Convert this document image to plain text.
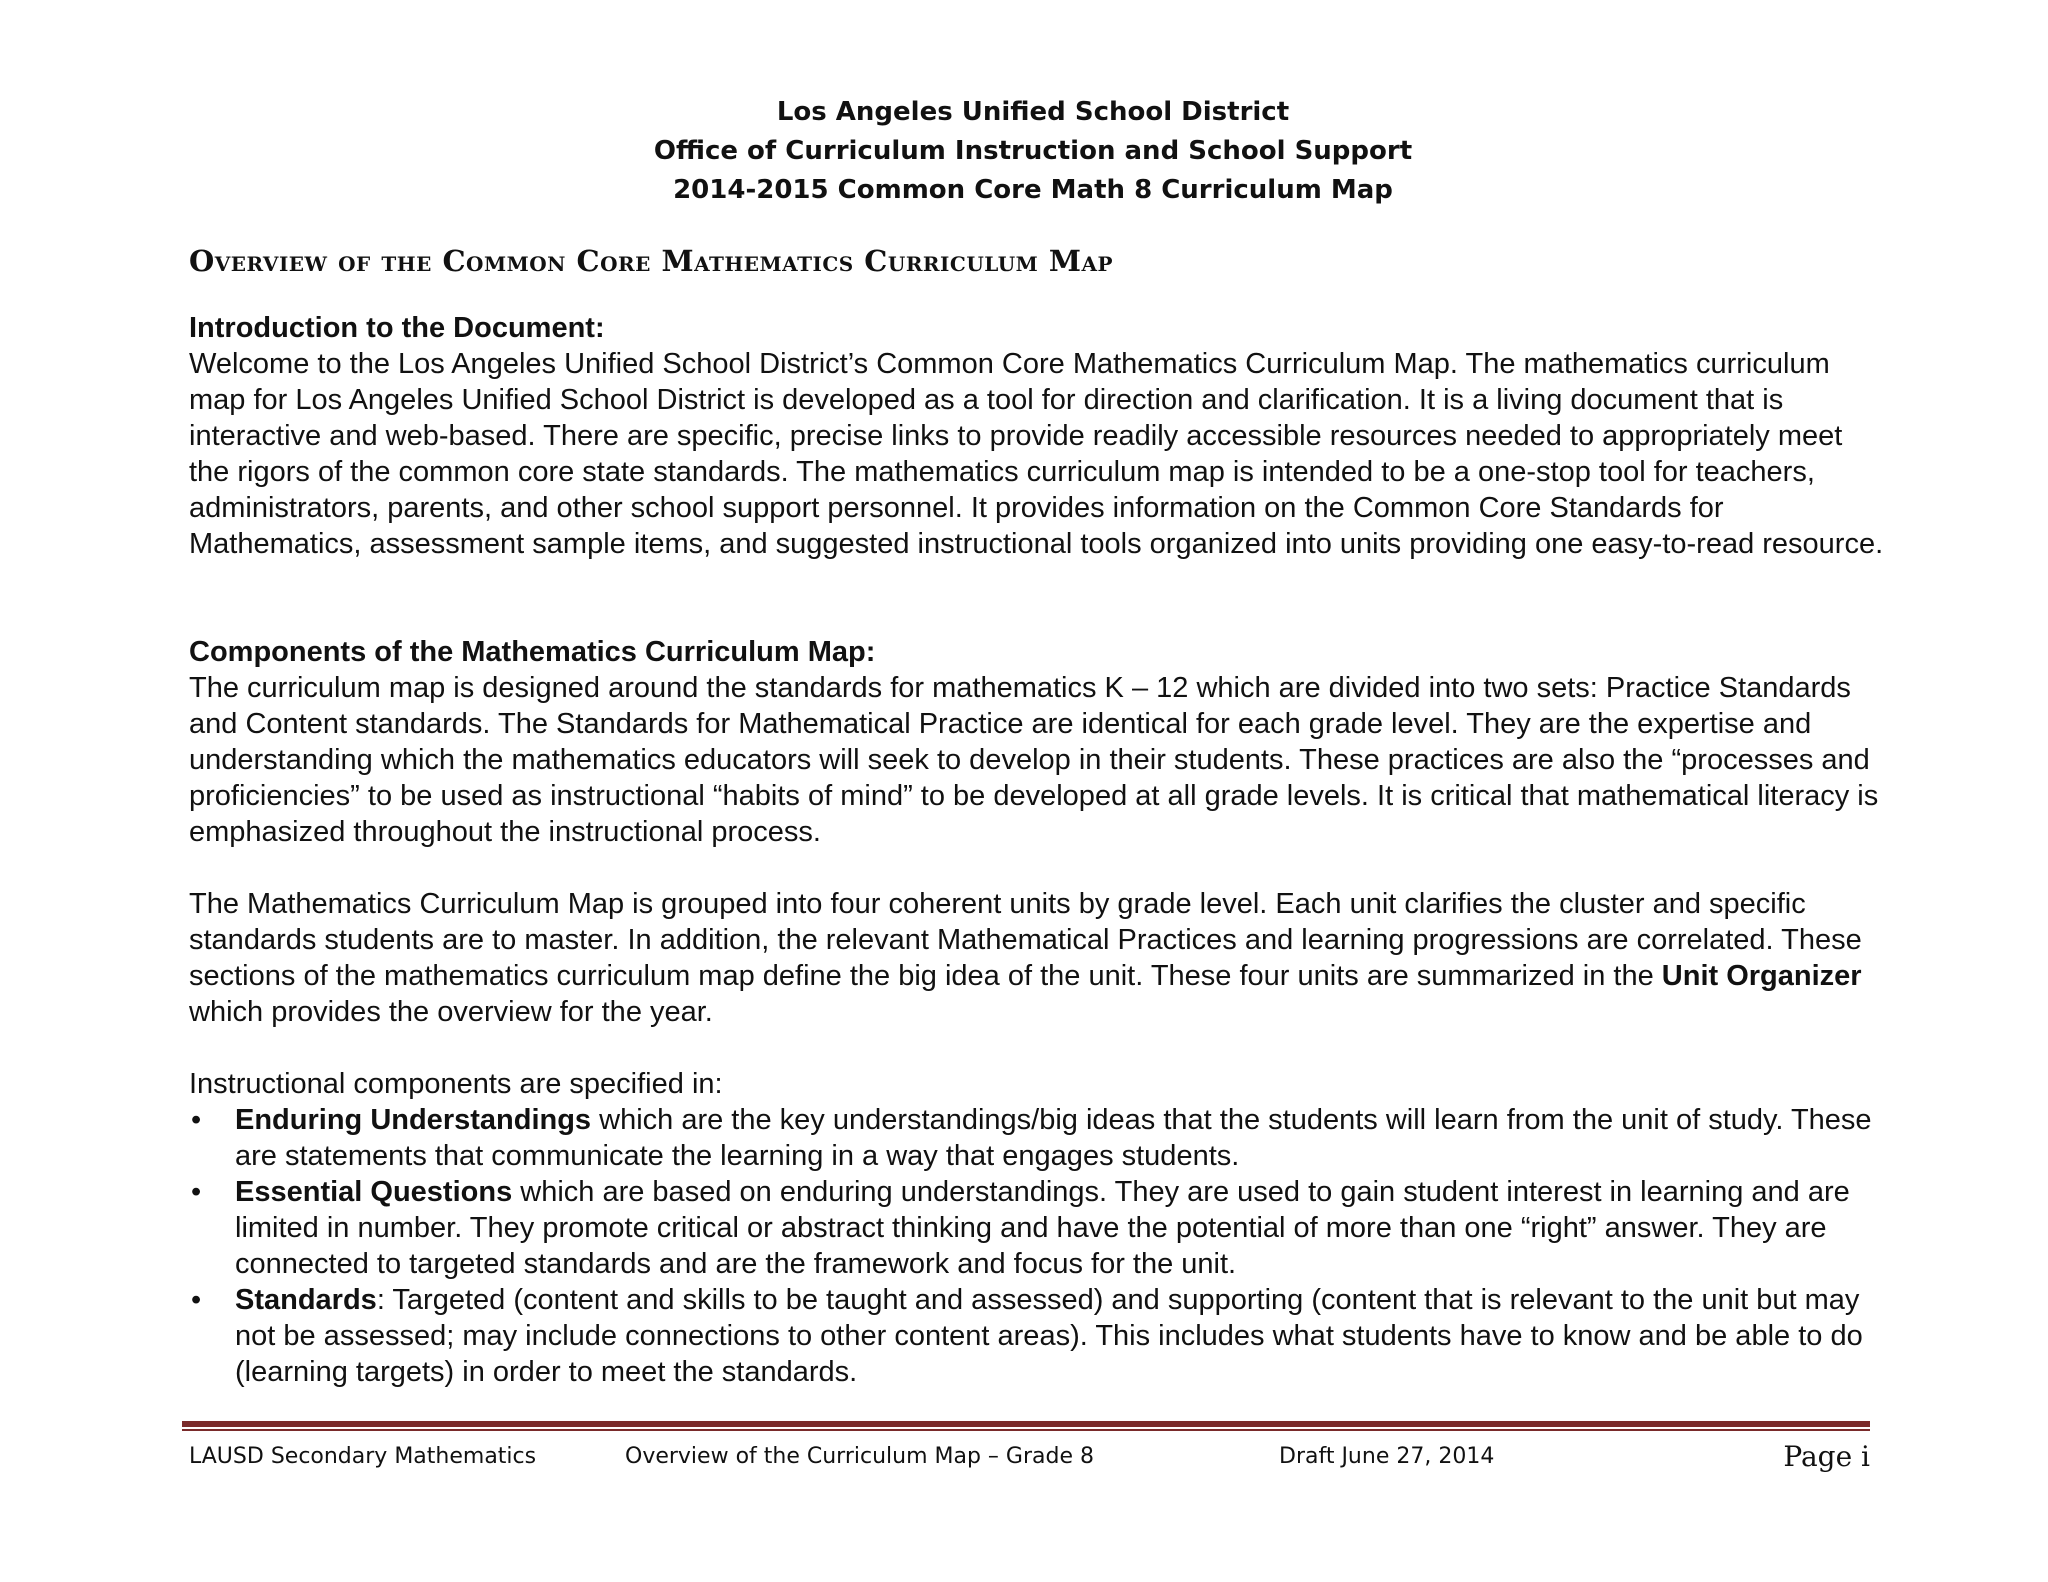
Los Angeles Unified School District
Office of Curriculum Instruction and School Support
2014-2015 Common Core Math 8 Curriculum Map
Overview of the Common Core Mathematics Curriculum Map
Introduction to the Document:

Welcome to the Los Angeles Unified School District’s Common Core Mathematics Curriculum Map. The mathematics curriculum map for Los Angeles Unified School District is developed as a tool for direction and clarification. It is a living document that is interactive and web-based. There are specific, precise links to provide readily accessible resources needed to appropriately meet the rigors of the common core state standards. The mathematics curriculum map is intended to be a one-stop tool for teachers, administrators, parents, and other school support personnel. It provides information on the Common Core Standards for Mathematics, assessment sample items, and suggested instructional tools organized into units providing one easy-to-read resource.

Components of the Mathematics Curriculum Map:

The curriculum map is designed around the standards for mathematics K – 12 which are divided into two sets: Practice Standards and Content standards. The Standards for Mathematical Practice are identical for each grade level. They are the expertise and understanding which the mathematics educators will seek to develop in their students. These practices are also the “processes and proficiencies” to be used as instructional “habits of mind” to be developed at all grade levels. It is critical that mathematical literacy is emphasized throughout the instructional process.

The Mathematics Curriculum Map is grouped into four coherent units by grade level. Each unit clarifies the cluster and specific standards students are to master. In addition, the relevant Mathematical Practices and learning progressions are correlated. These sections of the mathematics curriculum map define the big idea of the unit. These four units are summarized in the Unit Organizer which provides the overview for the year.

Instructional components are specified in:

• Enduring Understandings which are the key understandings/big ideas that the students will learn from the unit of study. These are statements that communicate the learning in a way that engages students.
• Essential Questions which are based on enduring understandings. They are used to gain student interest in learning and are limited in number. They promote critical or abstract thinking and have the potential of more than one “right” answer. They are connected to targeted standards and are the framework and focus for the unit.
• Standards: Targeted (content and skills to be taught and assessed) and supporting (content that is relevant to the unit but may not be assessed; may include connections to other content areas). This includes what students have to know and be able to do (learning targets) in order to meet the standards.
LAUSD Secondary Mathematics	Overview of the Curriculum Map – Grade 8	Draft June 27, 2014	Page i
